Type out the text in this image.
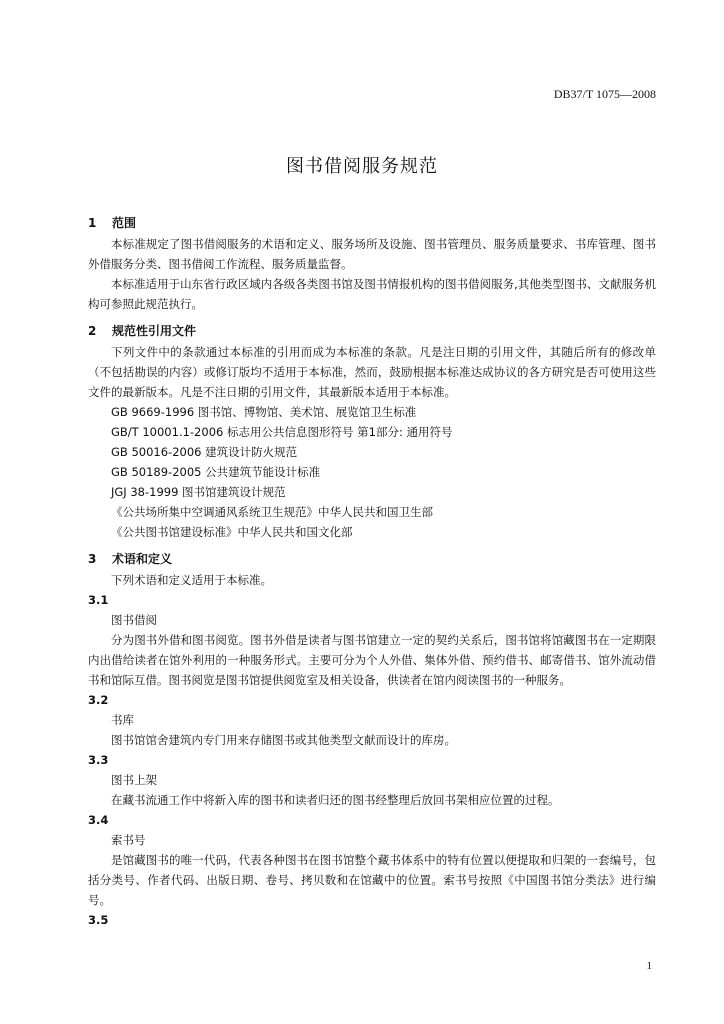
DB37/T 1075—2008
图书借阅服务规范
1 范围

本标准规定了图书借阅服务的术语和定义、服务场所及设施、图书管理员、服务质量要求、书库管理、图书外借服务分类、图书借阅工作流程、服务质量监督。

本标准适用于山东省行政区域内各级各类图书馆及图书情报机构的图书借阅服务,其他类型图书、文献服务机构可参照此规范执行。

2 规范性引用文件

下列文件中的条款通过本标准的引用而成为本标准的条款。凡是注日期的引用文件，其随后所有的修改单（不包括勘误的内容）或修订版均不适用于本标准，然而，鼓励根据本标准达成协议的各方研究是否可使用这些文件的最新版本。凡是不注日期的引用文件，其最新版本适用于本标准。

GB 9669-1996 图书馆、博物馆、美术馆、展览馆卫生标准

GB/T 10001.1-2006 标志用公共信息图形符号 第1部分: 通用符号

GB 50016-2006 建筑设计防火规范

GB 50189-2005 公共建筑节能设计标准

JGJ 38-1999 图书馆建筑设计规范

《公共场所集中空调通风系统卫生规范》中华人民共和国卫生部

《公共图书馆建设标准》中华人民共和国文化部

3 术语和定义

下列术语和定义适用于本标准。

3.1

图书借阅

分为图书外借和图书阅览。图书外借是读者与图书馆建立一定的契约关系后，图书馆将馆藏图书在一定期限内出借给读者在馆外利用的一种服务形式。主要可分为个人外借、集体外借、预约借书、邮寄借书、馆外流动借书和馆际互借。图书阅览是图书馆提供阅览室及相关设备，供读者在馆内阅读图书的一种服务。

3.2

书库

图书馆馆舍建筑内专门用来存储图书或其他类型文献而设计的库房。

3.3

图书上架

在藏书流通工作中将新入库的图书和读者归还的图书经整理后放回书架相应位置的过程。

3.4

索书号

是馆藏图书的唯一代码，代表各种图书在图书馆整个藏书体系中的特有位置以便提取和归架的一套编号，包括分类号、作者代码、出版日期、卷号、拷贝数和在馆藏中的位置。索书号按照《中国图书馆分类法》进行编号。

3.5

1
